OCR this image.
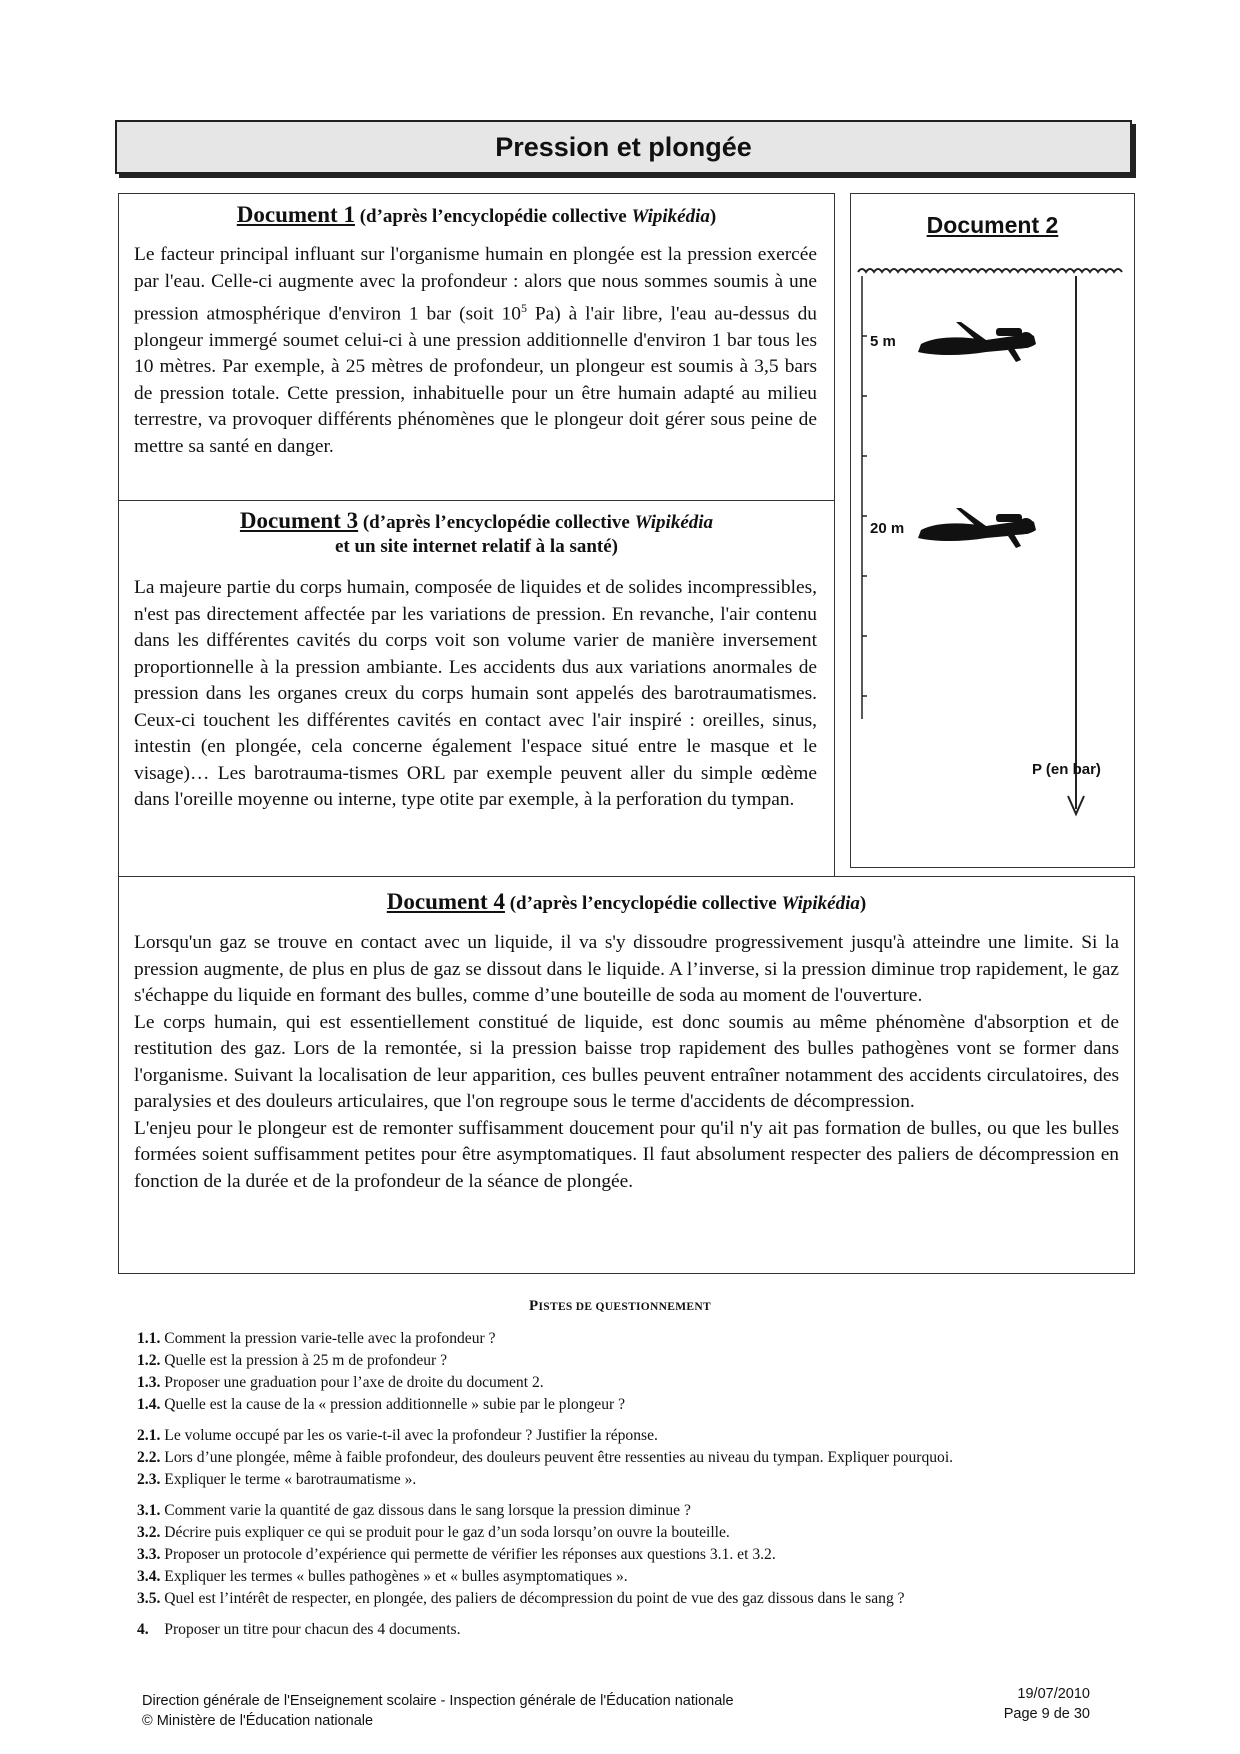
Pression et plongée
Document 1 (d’après l’encyclopédie collective Wipikédia)

Le facteur principal influant sur l'organisme humain en plongée est la pression exercée par l'eau. Celle-ci augmente avec la profondeur : alors que nous sommes soumis à une pression atmosphérique d'environ 1 bar (soit $10^5$ Pa) à l'air libre, l'eau au-dessus du plongeur immergé soumet celui-ci à une pression additionnelle d'environ 1 bar tous les 10 mètres. Par exemple, à 25 mètres de profondeur, un plongeur est soumis à 3,5 bars de pression totale. Cette pression, inhabituelle pour un être humain adapté au milieu terrestre, va provoquer différents phénomènes que le plongeur doit gérer sous peine de mettre sa santé en danger.

Document 3 (d’après l’encyclopédie collective Wipikédia
et un site internet relatif à la santé)

La majeure partie du corps humain, composée de liquides et de solides incompressibles, n'est pas directement affectée par les variations de pression. En revanche, l'air contenu dans les différentes cavités du corps voit son volume varier de manière inversement proportionnelle à la pression ambiante. Les accidents dus aux variations anormales de pression dans les organes creux du corps humain sont appelés des barotraumatismes. Ceux-ci touchent les différentes cavités en contact avec l'air inspiré : oreilles, sinus, intestin (en plongée, cela concerne également l'espace situé entre le masque et le visage)… Les barotrauma-tismes ORL par exemple peuvent aller du simple œdème dans l'oreille moyenne ou interne, type otite par exemple, à la perforation du tympan.

Document 2
5 m
20 m
P (en bar)
Document 4 (d’après l’encyclopédie collective Wipikédia)

Lorsqu'un gaz se trouve en contact avec un liquide, il va s'y dissoudre progressivement jusqu'à atteindre une limite. Si la pression augmente, de plus en plus de gaz se dissout dans le liquide. A l’inverse, si la pression diminue trop rapidement, le gaz s'échappe du liquide en formant des bulles, comme d’une bouteille de soda au moment de l'ouverture.

Le corps humain, qui est essentiellement constitué de liquide, est donc soumis au même phénomène d'absorption et de restitution des gaz. Lors de la remontée, si la pression baisse trop rapidement des bulles pathogènes vont se former dans l'organisme. Suivant la localisation de leur apparition, ces bulles peuvent entraîner notamment des accidents circulatoires, des paralysies et des douleurs articulaires, que l'on regroupe sous le terme d'accidents de décompression.

L'enjeu pour le plongeur est de remonter suffisamment doucement pour qu'il n'y ait pas formation de bulles, ou que les bulles formées soient suffisamment petites pour être asymptomatiques. Il faut absolument respecter des paliers de décompression en fonction de la durée et de la profondeur de la séance de plongée.

PISTES DE QUESTIONNEMENT
1.1. Comment la pression varie-telle avec la profondeur ?
1.2. Quelle est la pression à 25 m de profondeur ?
1.3. Proposer une graduation pour l’axe de droite du document 2.
1.4. Quelle est la cause de la « pression additionnelle » subie par le plongeur ?
2.1. Le volume occupé par les os varie-t-il avec la profondeur ? Justifier la réponse.
2.2. Lors d’une plongée, même à faible profondeur, des douleurs peuvent être ressenties au niveau du tympan. Expliquer pourquoi.
2.3. Expliquer le terme « barotraumatisme ».
3.1. Comment varie la quantité de gaz dissous dans le sang lorsque la pression diminue ?
3.2. Décrire puis expliquer ce qui se produit pour le gaz d’un soda lorsqu’on ouvre la bouteille.
3.3. Proposer un protocole d’expérience qui permette de vérifier les réponses aux questions 3.1. et 3.2.
3.4. Expliquer les termes « bulles pathogènes » et « bulles asymptomatiques ».
3.5. Quel est l’intérêt de respecter, en plongée, des paliers de décompression du point de vue des gaz dissous dans le sang ?
4.    Proposer un titre pour chacun des 4 documents.
Direction générale de l'Enseignement scolaire - Inspection générale de l'Éducation nationale
© Ministère de l'Éducation nationale
19/07/2010
Page 9 de 30
